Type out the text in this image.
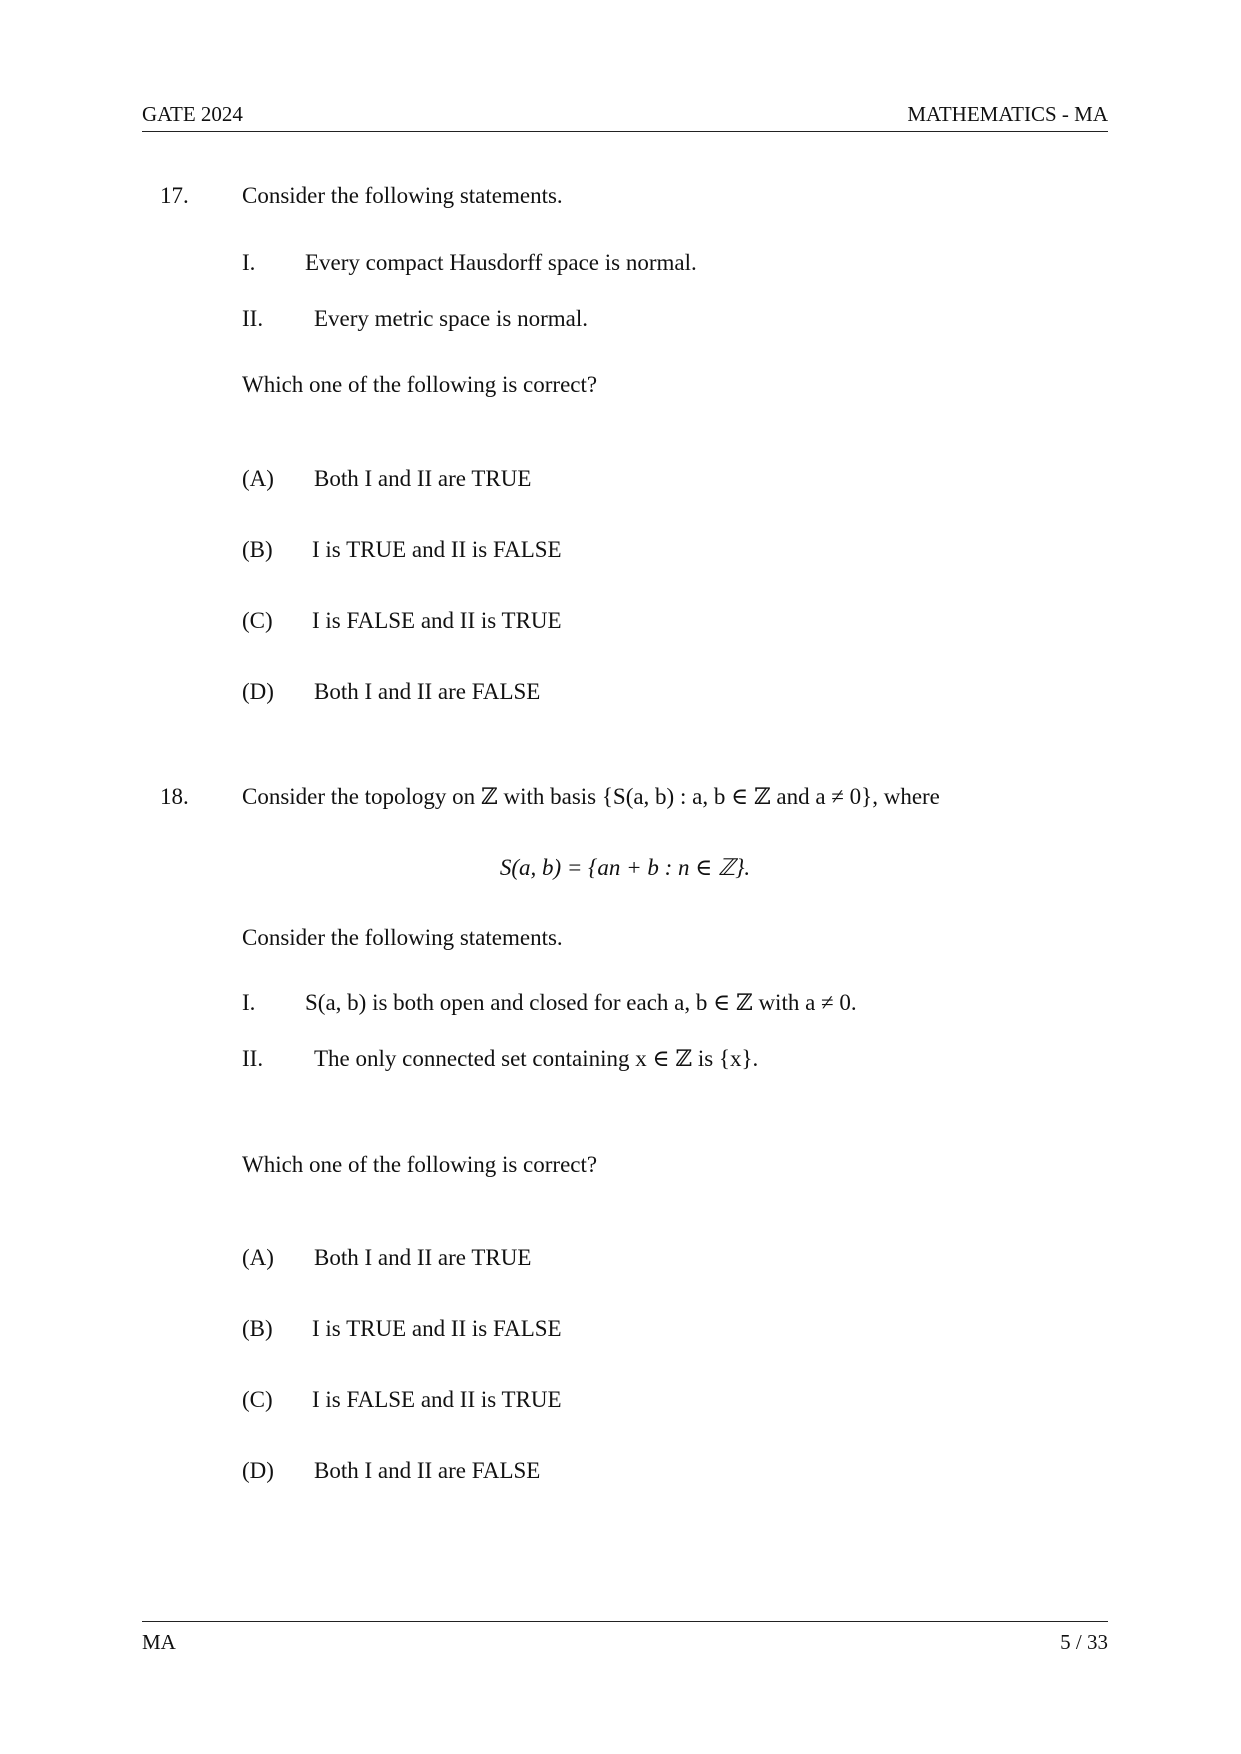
GATE 2024	MATHEMATICS - MA
17. Consider the following statements.
I. Every compact Hausdorff space is normal.
II. Every metric space is normal.
Which one of the following is correct?
(A) Both I and II are TRUE
(B) I is TRUE and II is FALSE
(C) I is FALSE and II is TRUE
(D) Both I and II are FALSE
18. Consider the topology on ℤ with basis {S(a, b) : a, b ∈ ℤ and a ≠ 0}, where
S(a, b) = {an + b : n ∈ ℤ}.
Consider the following statements.
I. S(a, b) is both open and closed for each a, b ∈ ℤ with a ≠ 0.
II. The only connected set containing x ∈ ℤ is {x}.
Which one of the following is correct?
(A) Both I and II are TRUE
(B) I is TRUE and II is FALSE
(C) I is FALSE and II is TRUE
(D) Both I and II are FALSE
MA	5 / 33
